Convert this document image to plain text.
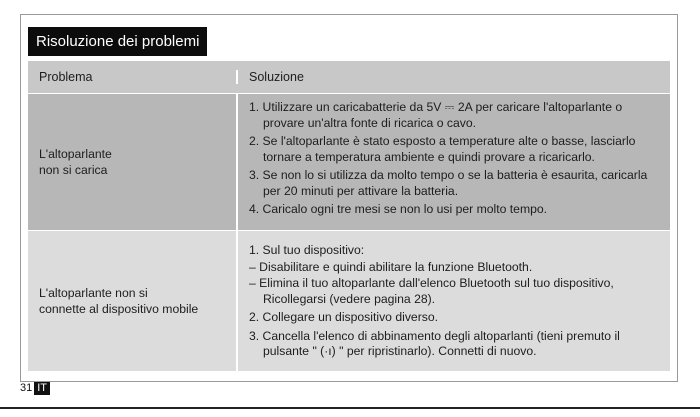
Risoluzione dei problemi
Problema	Soluzione
L'altoparlante
non si carica
1. Utilizzare un caricabatterie da 5V ⎓ 2A per caricare l'altoparlante o provare un'altra fonte di ricarica o cavo.
2. Se l'altoparlante è stato esposto a temperature alte o basse, lasciarlo tornare a temperatura ambiente e quindi provare a ricaricarlo.
3. Se non lo si utilizza da molto tempo o se la batteria è esaurita, caricarla per 20 minuti per attivare la batteria.
4. Caricalo ogni tre mesi se non lo usi per molto tempo.
L'altoparlante non si
connette al dispositivo mobile
1. Sul tuo dispositivo:
– Disabilitare e quindi abilitare la funzione Bluetooth.
– Elimina il tuo altoparlante dall'elenco Bluetooth sul tuo dispositivo, Ricollegarsi (vedere pagina 28).
2. Collegare un dispositivo diverso.
3. Cancella l'elenco di abbinamento degli altoparlanti (tieni premuto il pulsante " (·ı) " per ripristinarlo). Connetti di nuovo.
31 IT
